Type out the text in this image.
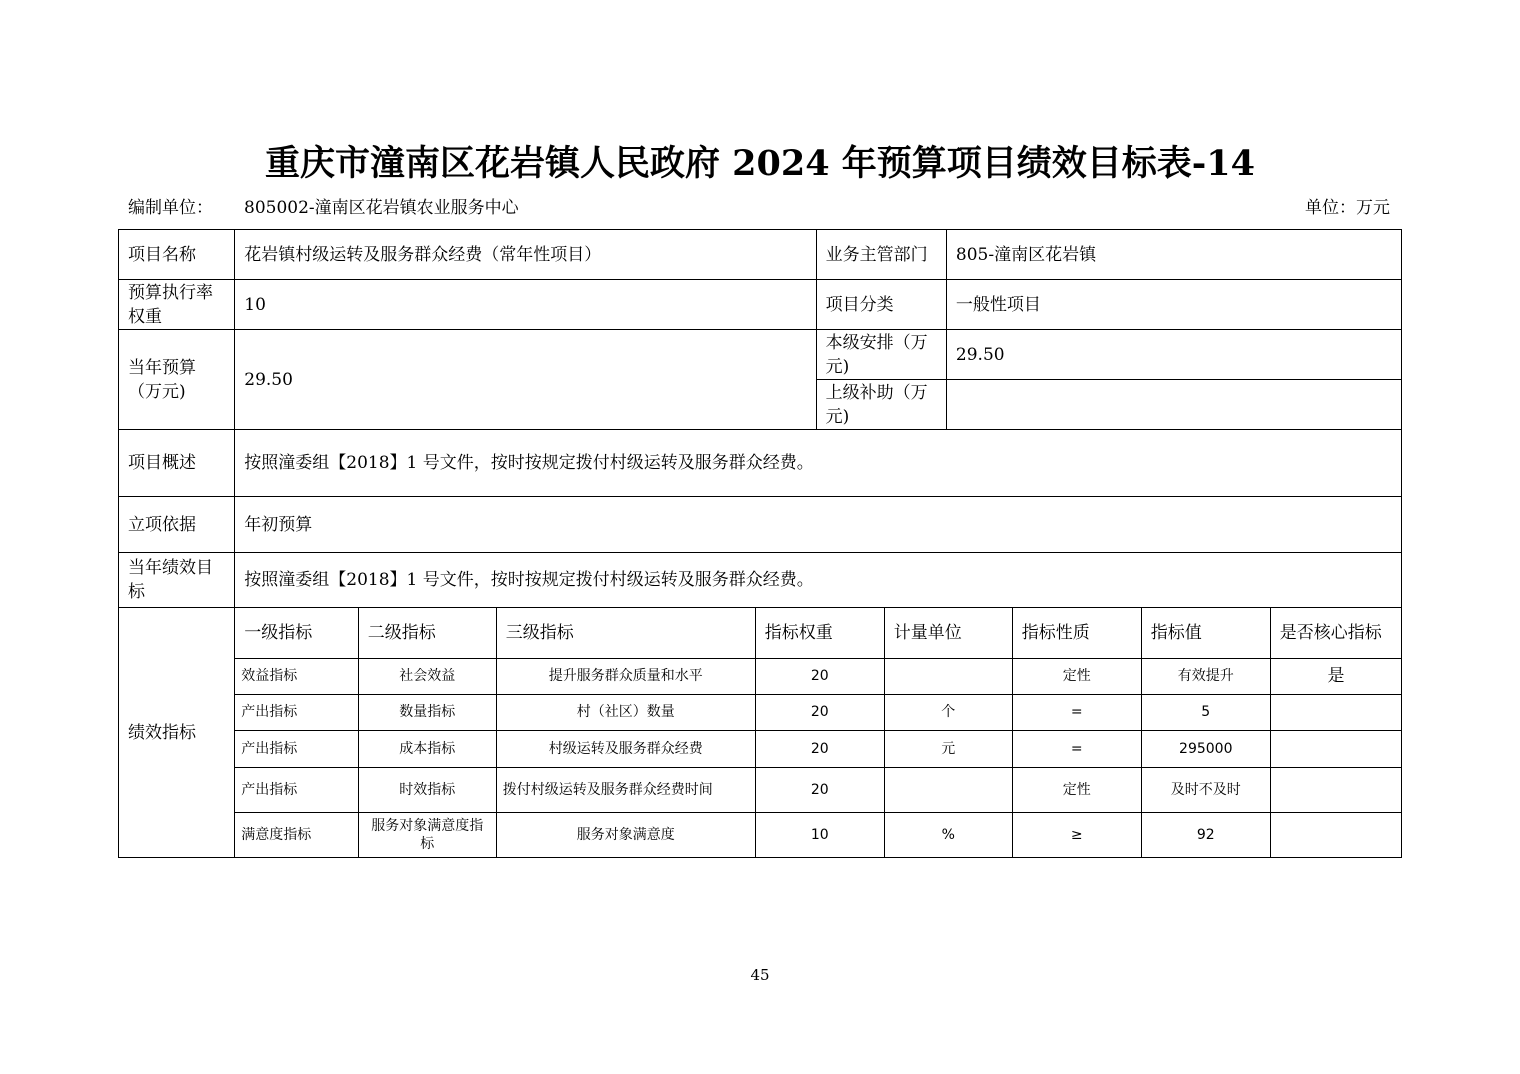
重庆市潼南区花岩镇人民政府 2024 年预算项目绩效目标表-14
编制单位： 805002-潼南区花岩镇农业服务中心	单位：万元
项目名称	花岩镇村级运转及服务群众经费（常年性项目）	业务主管部门	805-潼南区花岩镇
预算执行率权重	10	项目分类	一般性项目
当年预算（万元)	29.50	本级安排（万元)	29.50
上级补助（万元)	
项目概述	按照潼委组【2018】1 号文件，按时按规定拨付村级运转及服务群众经费。
立项依据	年初预算
当年绩效目标	按照潼委组【2018】1 号文件，按时按规定拨付村级运转及服务群众经费。
绩效指标	
一级指标	二级指标	三级指标	指标权重	计量单位	指标性质	指标值	是否核心指标
效益指标	社会效益	提升服务群众质量和水平	20		定性	有效提升	是
产出指标	数量指标	村（社区）数量	20	个	=	5	
产出指标	成本指标	村级运转及服务群众经费	20	元	=	295000	
产出指标	时效指标	拨付村级运转及服务群众经费时间	20		定性	及时不及时	
满意度指标	服务对象满意度指标	服务对象满意度	10	%	≥	92	
45
